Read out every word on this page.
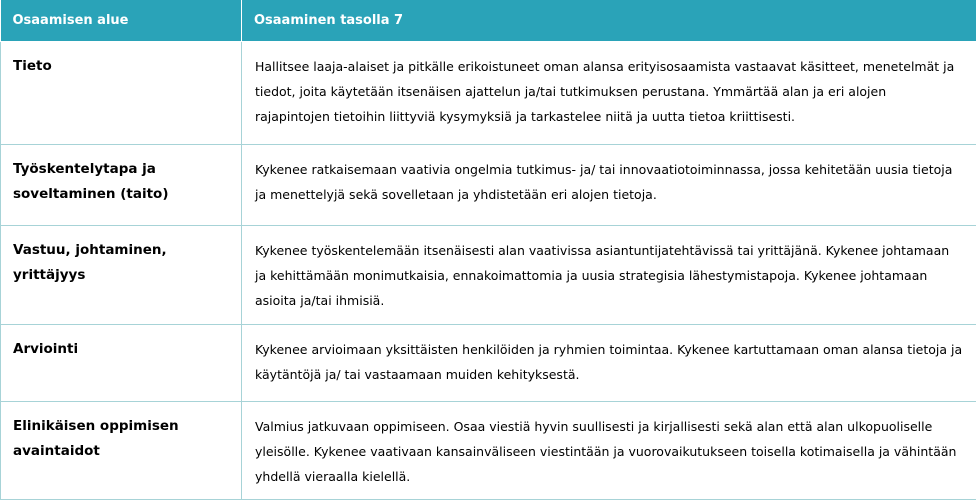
Osaamisen alue	Osaaminen tasolla 7
Tieto	Hallitsee laaja-alaiset ja pitkälle erikoistuneet oman alansa erityisosaamista vastaavat käsitteet, menetelmät ja tiedot, joita käytetään itsenäisen ajattelun ja/tai tutkimuksen perustana. Ymmärtää alan ja eri alojen rajapintojen tietoihin liittyviä kysymyksiä ja tarkastelee niitä ja uutta tietoa kriittisesti.
Työskentelytapa ja soveltaminen (taito)	Kykenee ratkaisemaan vaativia ongelmia tutkimus- ja/ tai innovaatiotoiminnassa, jossa kehitetään uusia tietoja ja menettelyjä sekä sovelletaan ja yhdistetään eri alojen tietoja.
Vastuu, johtaminen, yrittäjyys	Kykenee työskentelemään itsenäisesti alan vaativissa asiantuntijatehtävissä tai yrittäjänä. Kykenee johtamaan ja kehittämään monimutkaisia, ennakoimattomia ja uusia strategisia lähestymistapoja. Kykenee johtamaan asioita ja/tai ihmisiä.
Arviointi	Kykenee arvioimaan yksittäisten henkilöiden ja ryhmien toimintaa. Kykenee kartuttamaan oman alansa tietoja ja käytäntöjä ja/ tai vastaamaan muiden kehityksestä.
Elinikäisen oppimisen avaintaidot	Valmius jatkuvaan oppimiseen. Osaa viestiä hyvin suullisesti ja kirjallisesti sekä alan että alan ulkopuoliselle yleisölle. Kykenee vaativaan kansainväliseen viestintään ja vuorovaikutukseen toisella kotimaisella ja vähintään yhdellä vieraalla kielellä.
